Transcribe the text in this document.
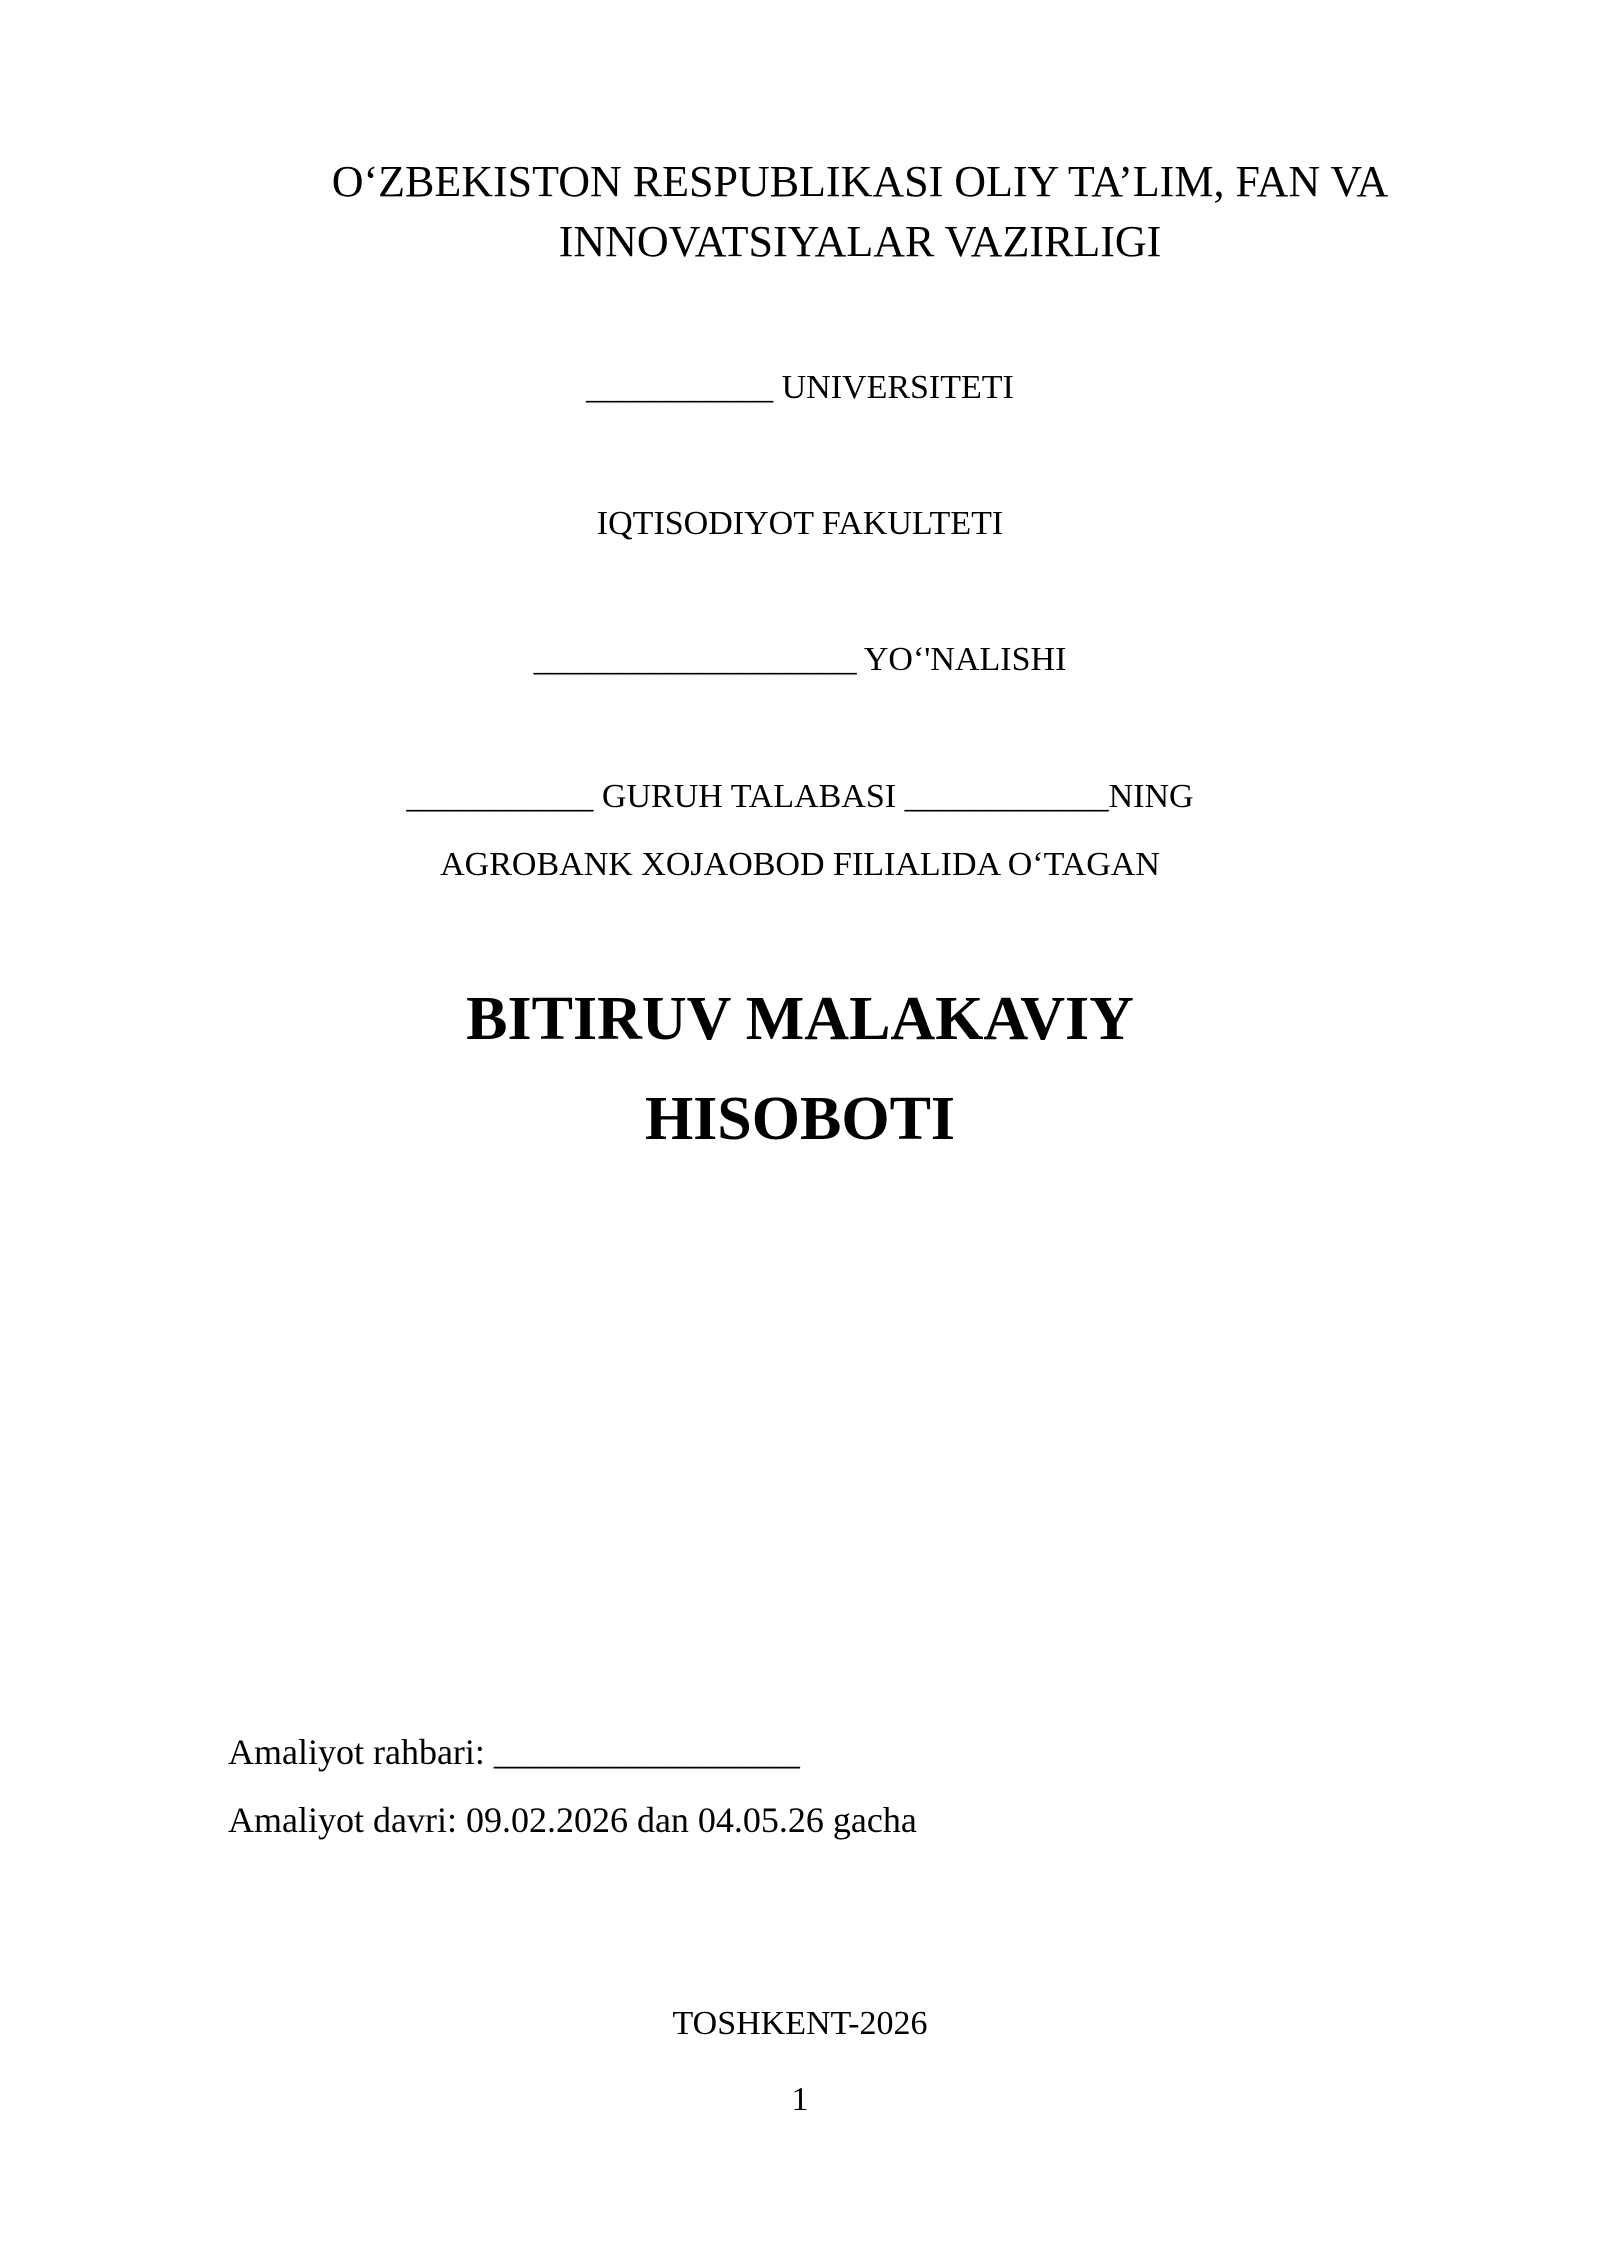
O‘ZBEKISTON RESPUBLIKASI OLIY TA’LIM, FAN VA
INNOVATSIYALAR VAZIRLIGI
___________ UNIVERSITETI
IQTISODIYOT FAKULTETI
___________________ YO‘'NALISHI
___________ GURUH TALABASI ____________NING
AGROBANK XOJAOBOD FILIALIDA O‘TAGAN
BITIRUV MALAKAVIY
HISOBOTI
Amaliyot rahbari: _________________
Amaliyot davri: 09.02.2026 dan 04.05.26 gacha
TOSHKENT-2026
1
